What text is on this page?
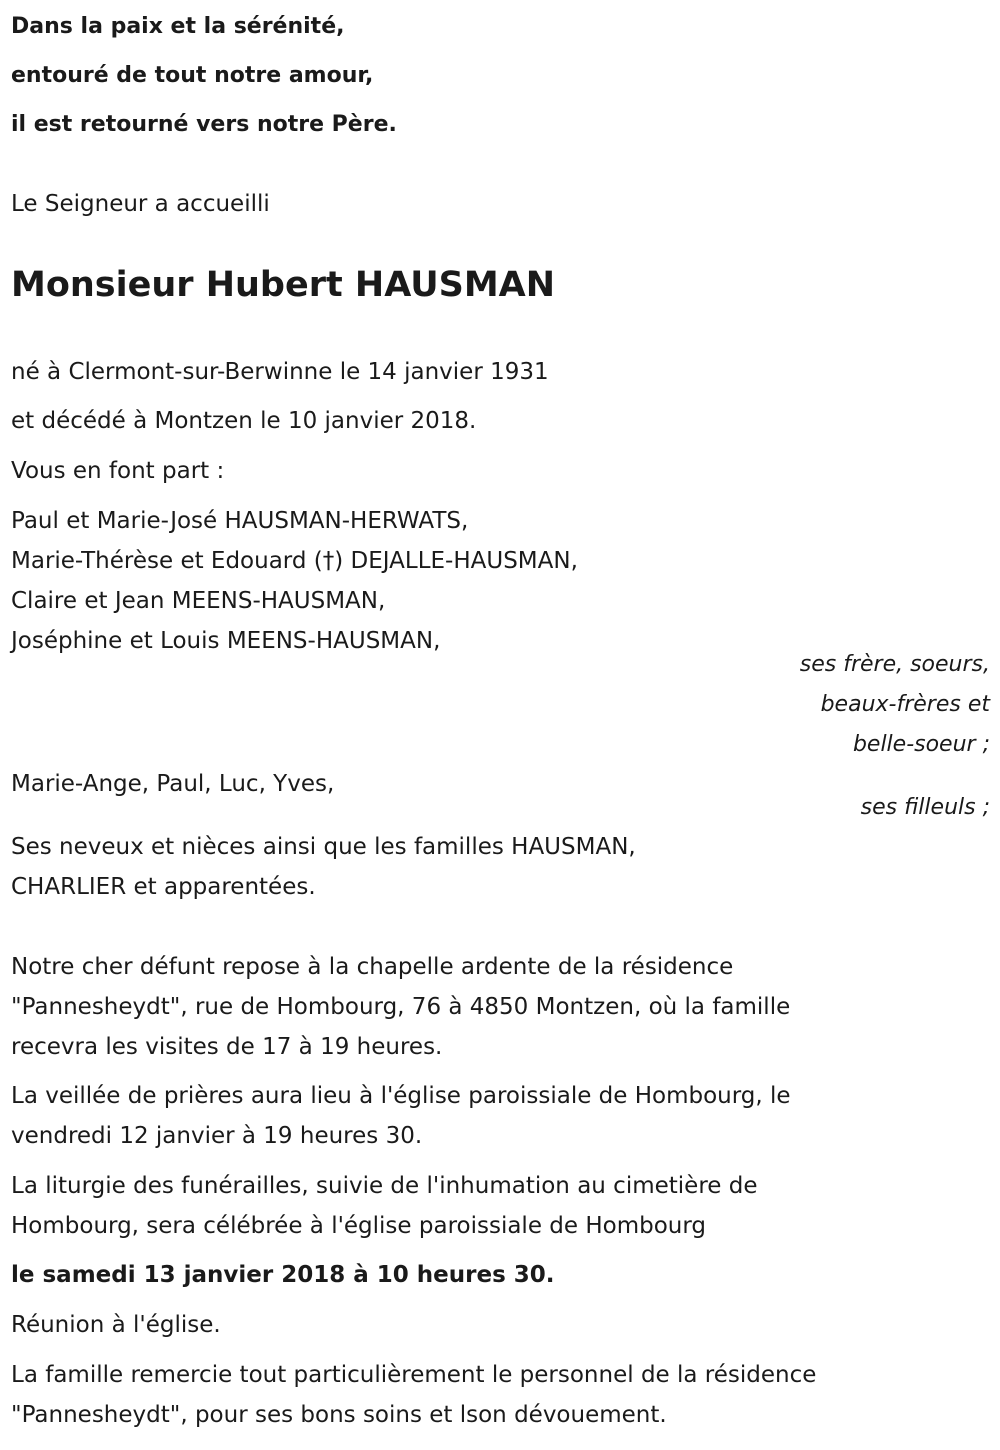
Dans la paix et la sérénité,
entouré de tout notre amour,
il est retourné vers notre Père.
Le Seigneur a accueilli
Monsieur Hubert HAUSMAN
né à Clermont-sur-Berwinne le 14 janvier 1931
et décédé à Montzen le 10 janvier 2018.
Vous en font part :
Paul et Marie-José HAUSMAN-HERWATS,
Marie-Thérèse et Edouard (†) DEJALLE-HAUSMAN,
Claire et Jean MEENS-HAUSMAN,
Joséphine et Louis MEENS-HAUSMAN,
ses frère, soeurs,
beaux-frères et
belle-soeur ;
Marie-Ange, Paul, Luc, Yves,
ses filleuls ;
Ses neveux et nièces ainsi que les familles HAUSMAN,
CHARLIER et apparentées.
Notre cher défunt repose à la chapelle ardente de la résidence
"Pannesheydt", rue de Hombourg, 76 à 4850 Montzen, où la famille
recevra les visites de 17 à 19 heures.
La veillée de prières aura lieu à l'église paroissiale de Hombourg, le
vendredi 12 janvier à 19 heures 30.
La liturgie des funérailles, suivie de l'inhumation au cimetière de
Hombourg, sera célébrée à l'église paroissiale de Hombourg
le samedi 13 janvier 2018 à 10 heures 30.
Réunion à l'église.
La famille remercie tout particulièrement le personnel de la résidence
"Pannesheydt", pour ses bons soins et lson dévouement.
